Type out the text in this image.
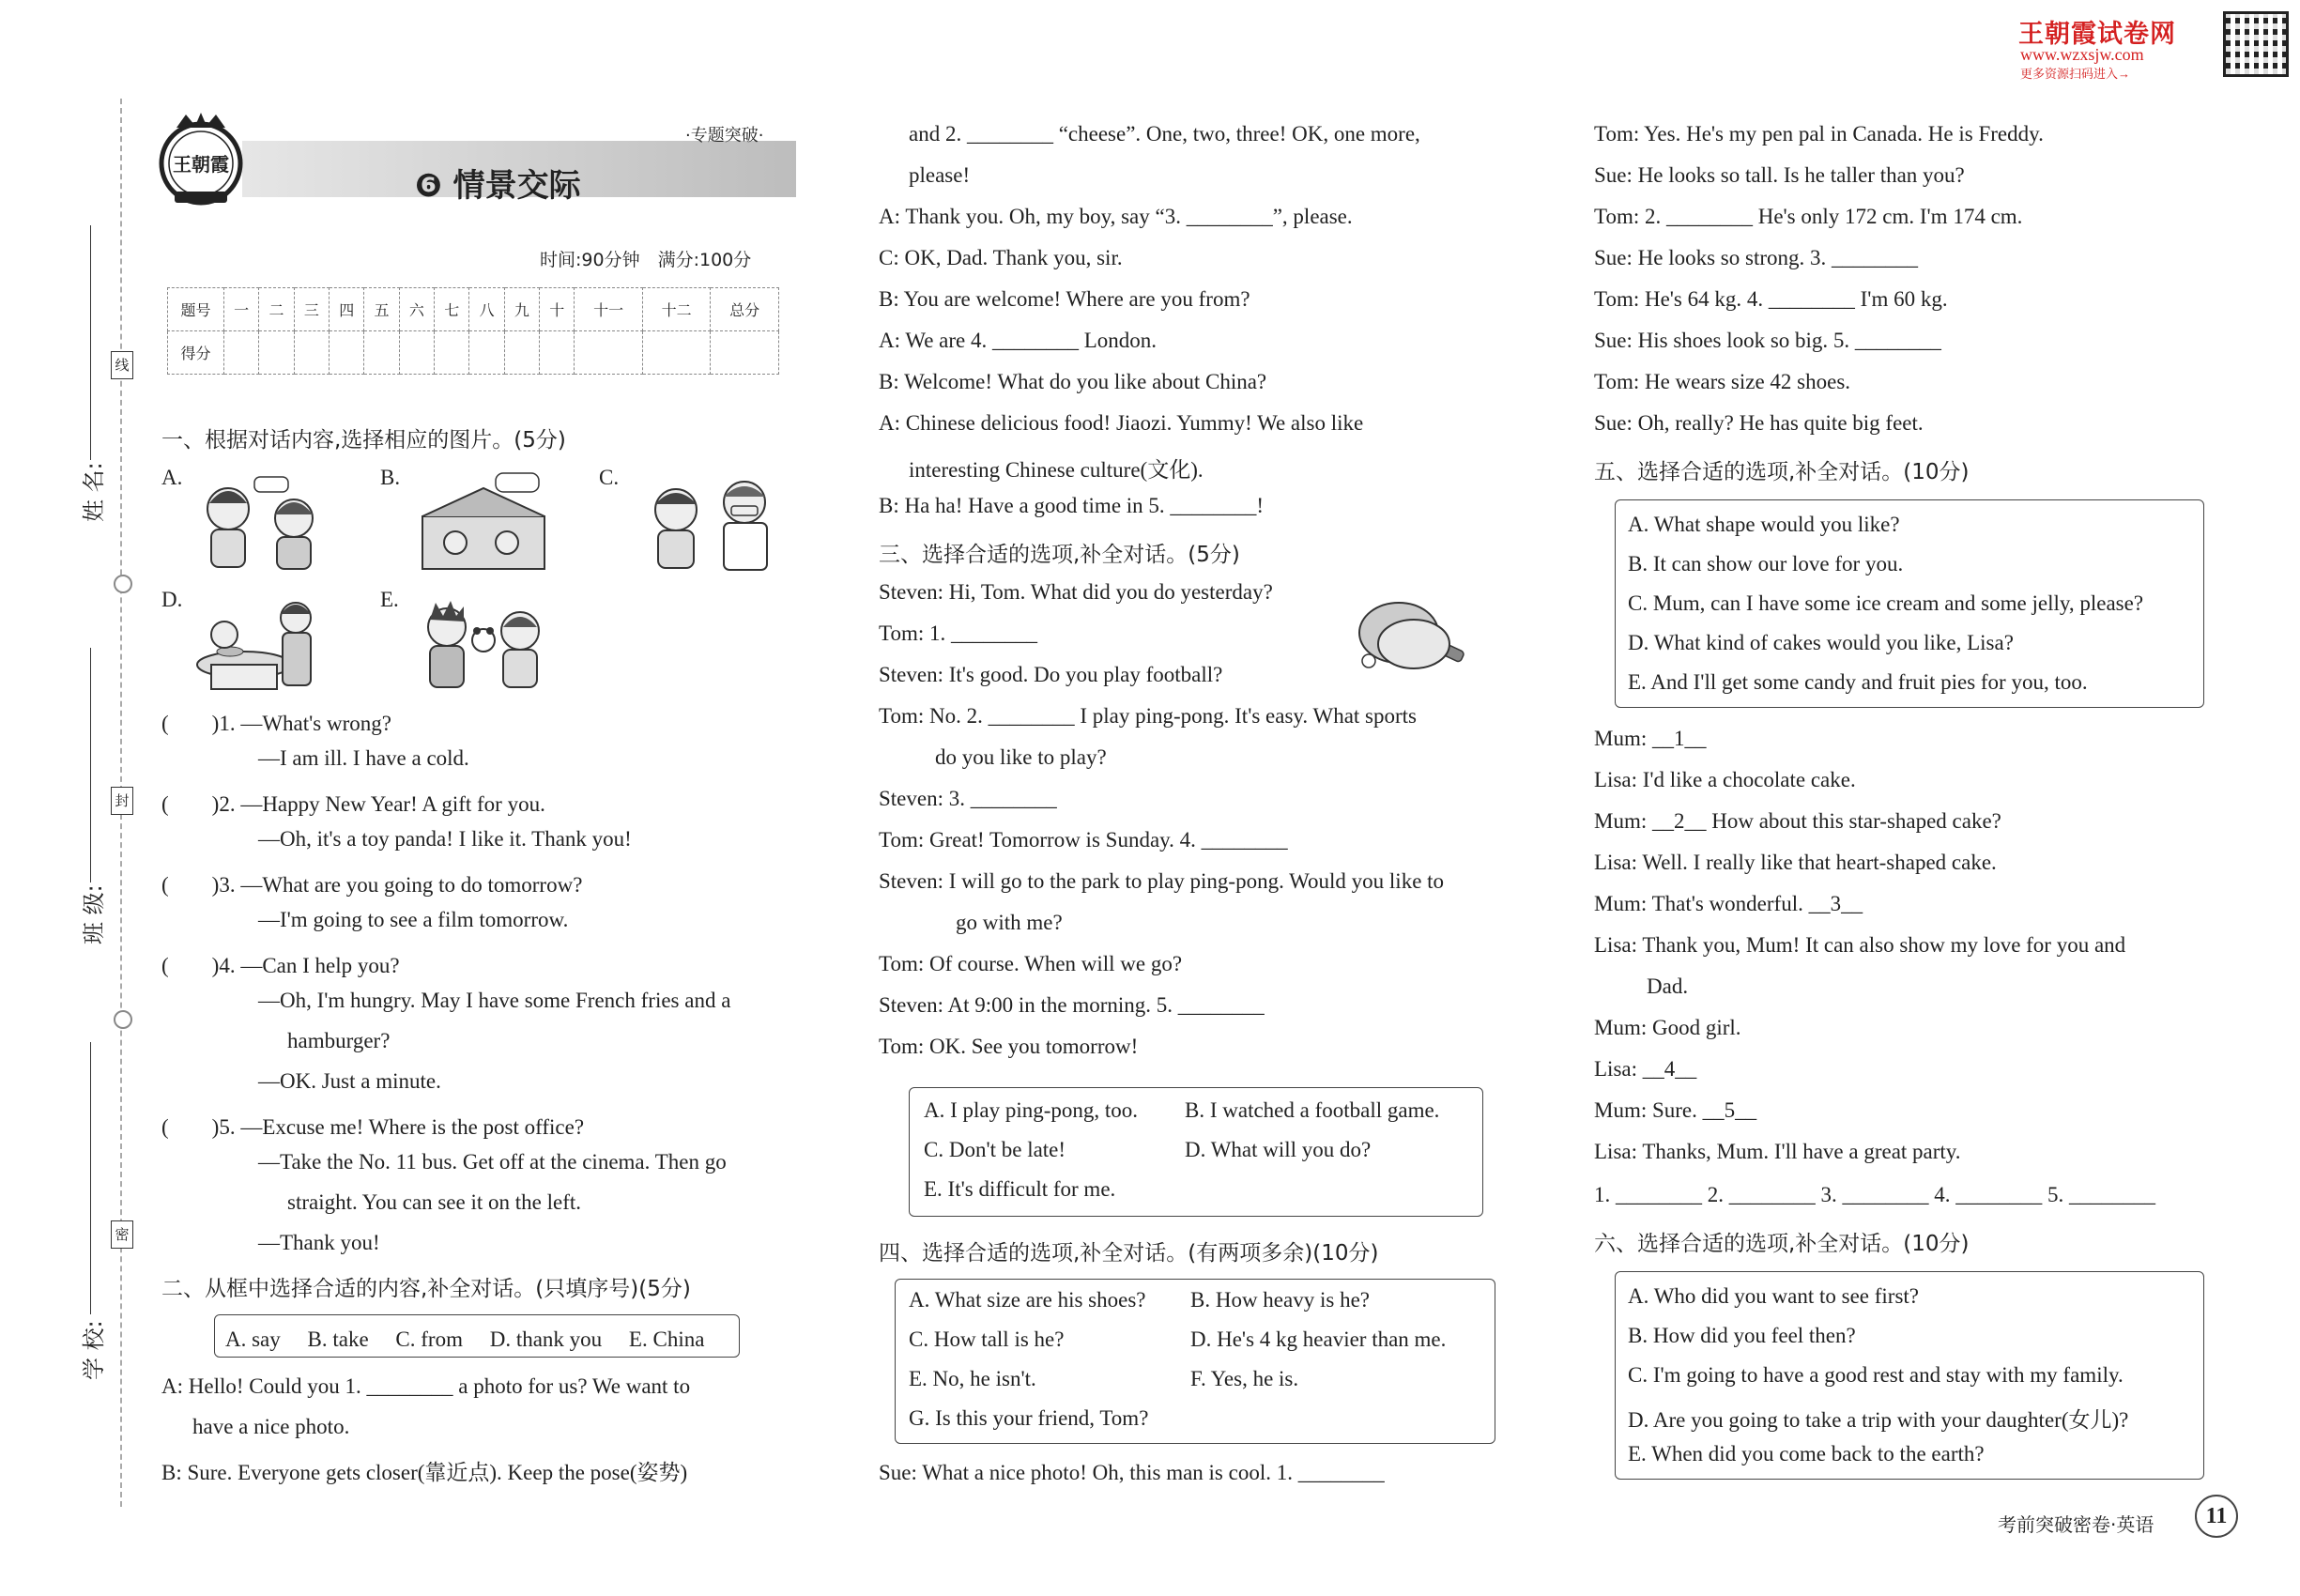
王朝霞试卷网
www.wzxsjw.com
更多资源扫码进入→
姓 名:
班 级:
学 校:
线
封
密
王朝霞
·专题突破·
❻ 情景交际
时间:90分钟　满分:100分
题号	一	二	三	四	五	六	七	八	九	十	十一	十二	总分
得分													
一、根据对话内容,选择相应的图片。(5分)
A.	B.	C.
D.	E.
(　　)1. —What's wrong?
—I am ill. I have a cold.
(　　)2. —Happy New Year! A gift for you.
—Oh, it's a toy panda! I like it. Thank you!
(　　)3. —What are you going to do tomorrow?
—I'm going to see a film tomorrow.
(　　)4. —Can I help you?
—Oh, I'm hungry. May I have some French fries and a
hamburger?
—OK. Just a minute.
(　　)5. —Excuse me! Where is the post office?
—Take the No. 11 bus. Get off at the cinema. Then go
straight. You can see it on the left.
—Thank you!
二、从框中选择合适的内容,补全对话。(只填序号)(5分)
A. say　 B. take　 C. from　 D. thank you　 E. China
A: Hello! Could you 1. ________ a photo for us? We want to
have a nice photo.
B: Sure. Everyone gets closer(靠近点). Keep the pose(姿势)
and 2. ________ “cheese”. One, two, three! OK, one more,
please!
A: Thank you. Oh, my boy, say “3. ________”, please.
C: OK, Dad. Thank you, sir.
B: You are welcome! Where are you from?
A: We are 4. ________ London.
B: Welcome! What do you like about China?
A: Chinese delicious food! Jiaozi. Yummy! We also like
interesting Chinese culture(文化).
B: Ha ha! Have a good time in 5. ________!
三、选择合适的选项,补全对话。(5分)
Steven: Hi, Tom. What did you do yesterday?
Tom: 1. ________
Steven: It's good. Do you play football?
Tom: No. 2. ________ I play ping-pong. It's easy. What sports
do you like to play?
Steven: 3. ________
Tom: Great! Tomorrow is Sunday. 4. ________
Steven: I will go to the park to play ping-pong. Would you like to
go with me?
Tom: Of course. When will we go?
Steven: At 9:00 in the morning. 5. ________
Tom: OK. See you tomorrow!
A. I play ping-pong, too. B. I watched a football game.
C. Don't be late!	D. What will you do?
E. It's difficult for me.
四、选择合适的选项,补全对话。(有两项多余)(10分)
A. What size are his shoes? B. How heavy is he?
C. How tall is he?	D. He's 4 kg heavier than me.
E. No, he isn't.	F. Yes, he is.
G. Is this your friend, Tom?
Sue: What a nice photo! Oh, this man is cool. 1. ________
Tom: Yes. He's my pen pal in Canada. He is Freddy.
Sue: He looks so tall. Is he taller than you?
Tom: 2. ________ He's only 172 cm. I'm 174 cm.
Sue: He looks so strong. 3. ________
Tom: He's 64 kg. 4. ________ I'm 60 kg.
Sue: His shoes look so big. 5. ________
Tom: He wears size 42 shoes.
Sue: Oh, really? He has quite big feet.
五、选择合适的选项,补全对话。(10分)
A. What shape would you like?
B. It can show our love for you.
C. Mum, can I have some ice cream and some jelly, please?
D. What kind of cakes would you like, Lisa?
E. And I'll get some candy and fruit pies for you, too.
Mum: __1__
Lisa: I'd like a chocolate cake.
Mum: __2__ How about this star-shaped cake?
Lisa: Well. I really like that heart-shaped cake.
Mum: That's wonderful. __3__
Lisa: Thank you, Mum! It can also show my love for you and
Dad.
Mum: Good girl.
Lisa: __4__
Mum: Sure. __5__
Lisa: Thanks, Mum. I'll have a great party.
1. ________ 2. ________ 3. ________ 4. ________ 5. ________
六、选择合适的选项,补全对话。(10分)
A. Who did you want to see first?
B. How did you feel then?
C. I'm going to have a good rest and stay with my family.
D. Are you going to take a trip with your daughter(女儿)?
E. When did you come back to the earth?
考前突破密卷·英语	11
